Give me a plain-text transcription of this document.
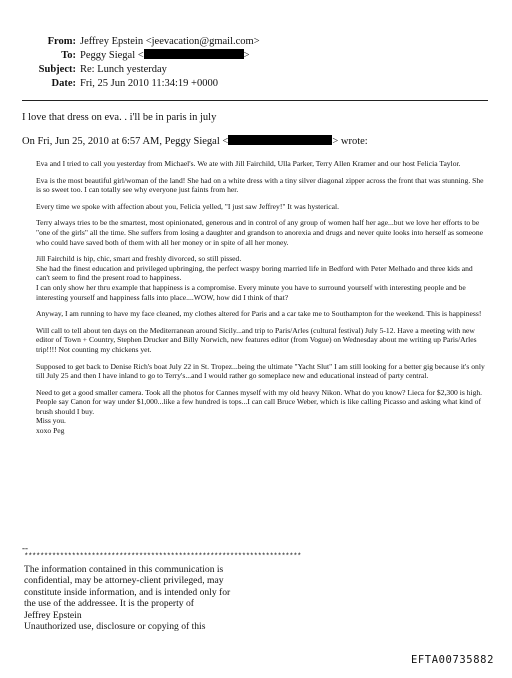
From: Jeffrey Epstein <jeevacation@gmail.com>
To: Peggy Siegal <	>
Subject: Re: Lunch yesterday
Date: Fri, 25 Jun 2010 11:34:19 +0000
I love that dress on eva. . i'll be in paris in july
On Fri, Jun 25, 2010 at 6:57 AM, Peggy Siegal <	> wrote:

Eva and I tried to call you yesterday from Michael's. We ate with Jill Fairchild, Ulla Parker, Terry Allen Kramer and our host Felicia Taylor.

Eva is the most beautiful girl/woman of the land! She had on a white dress with a tiny silver diagonal zipper across the front that was stunning. She is so sweet too. I can totally see why everyone just faints from her.

Every time we spoke with affection about you, Felicia yelled, "I just saw Jeffrey!" It was hysterical.

Terry always tries to be the smartest, most opinionated, generous and in control of any group of women half her age...but we love her efforts to be "one of the girls" all the time. She suffers from losing a daughter and grandson to anorexia and drugs and never quite looks into herself as someone who could have saved both of them with all her money or in spite of all her money.

Jill Fairchild is hip, chic, smart and freshly divorced, so still pissed.
She had the finest education and privileged upbringing, the perfect waspy boring married life in Bedford with Peter Melhado and three kids and can't seem to find the present road to happiness.
I can only show her thru example that happiness is a compromise. Every minute you have to surround yourself with interesting people and be interesting yourself and happiness falls into place....WOW, how did I think of that?

Anyway, I am running to have my face cleaned, my clothes altered for Paris and a car take me to Southampton for the weekend. This is happiness!

Will call to tell about ten days on the Mediterranean around Sicily...and trip to Paris/Arles (cultural festival) July 5-12. Have a meeting with new editor of Town + Country, Stephen Drucker and Billy Norwich, new features editor (from Vogue) on Wednesday about me writing up Paris/Arles trip!!!! Not counting my chickens yet.

Supposed to get back to Denise Rich's boat July 22 in St. Tropez...being the ultimate "Yacht Slut" I am still looking for a better gig because it's only till July 25 and then I have inland to go to Terry's...and I would rather go someplace new and educational instead of party central.

Need to get a good smaller camera. Took all the photos for Cannes myself with my old heavy Nikon. What do you know? Lieca for $2,300 is high. People say Canon for way under $1,000...like a few hundred is tops...I can call Bruce Weber, which is like calling Picasso and asking what kind of brush should I buy.
Miss you.
xoxo Peg

--
**********************************************************************
The information contained in this communication is
confidential, may be attorney-client privileged, may
constitute inside information, and is intended only for
the use of the addressee. It is the property of
Jeffrey Epstein
Unauthorized use, disclosure or copying of this
EFTA00735882
